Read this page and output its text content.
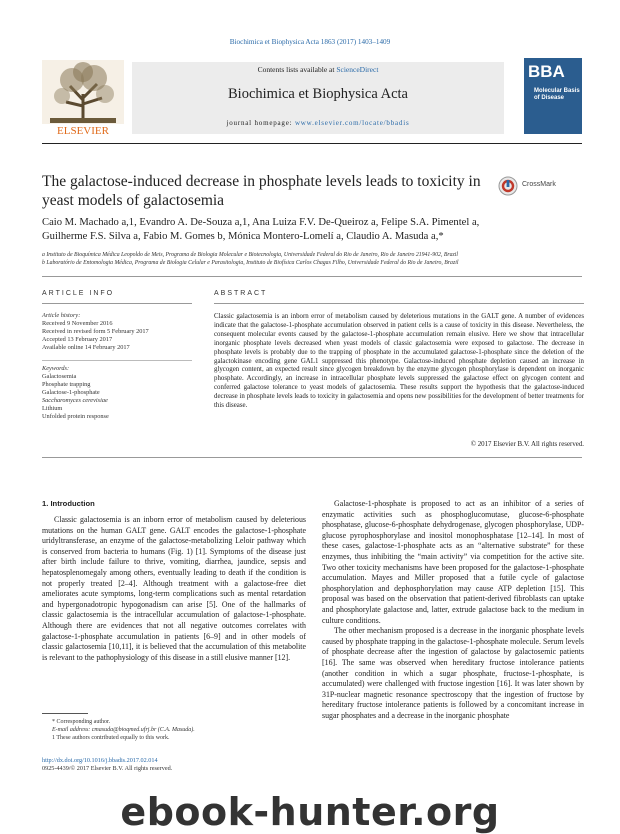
Biochimica et Biophysica Acta 1863 (2017) 1403–1409
ELSEVIER
Contents lists available at ScienceDirect
Biochimica et Biophysica Acta
journal homepage: www.elsevier.com/locate/bbadis
BBA
Molecular Basis of Disease
The galactose-induced decrease in phosphate levels leads to toxicity in yeast models of galactosemia
CrossMark
Caio M. Machado a,1, Evandro A. De-Souza a,1, Ana Luiza F.V. De-Queiroz a, Felipe S.A. Pimentel a,
Guilherme F.S. Silva a, Fabio M. Gomes b, Mónica Montero-Lomelí a, Claudio A. Masuda a,*
a Instituto de Bioquímica Médica Leopoldo de Meis, Programa de Biologia Molecular e Biotecnologia, Universidade Federal do Rio de Janeiro, Rio de Janeiro 21941-902, Brazil
b Laboratório de Entomologia Médica, Programa de Biologia Celular e Parasitologia, Instituto de Biofísica Carlos Chagas Filho, Universidade Federal do Rio de Janeiro, Brazil
ARTICLE INFO	ABSTRACT
Article history:
Received 9 November 2016
Received in revised form 5 February 2017
Accepted 13 February 2017
Available online 14 February 2017
Keywords:
Galactosemia
Phosphate trapping
Galactose-1-phosphate
Saccharomyces cerevisiae
Lithium
Unfolded protein response
Classic galactosemia is an inborn error of metabolism caused by deleterious mutations in the GALT gene. A number of evidences indicate that the galactose-1-phosphate accumulation observed in patient cells is a cause of toxicity in this disease. Nevertheless, the consequent molecular events caused by the galactose-1-phosphate accumulation remain elusive. Here we show that intracellular inorganic phosphate levels decreased when yeast models of classic galactosemia were exposed to galactose. The decrease in phosphate levels is probably due to the trapping of phosphate in the accumulated galactose-1-phosphate since the deletion of the galactokinase encoding gene GAL1 suppressed this phenotype. Galactose-induced phosphate depletion caused an increase in glycogen content, an expected result since glycogen breakdown by the enzyme glycogen phosphorylase is dependent on inorganic phosphate. Accordingly, an increase in intracellular phosphate levels suppressed the galactose effect on glycogen content and conferred galactose tolerance to yeast models of galactosemia. These results support the hypothesis that the galactose-induced decrease in phosphate levels leads to toxicity in galactosemia and opens new possibilities for the development of better treatments for this disease.
© 2017 Elsevier B.V. All rights reserved.
1. Introduction

Classic galactosemia is an inborn error of metabolism caused by deleterious mutations on the human GALT gene. GALT encodes the galactose-1-phosphate uridyltransferase, an enzyme of the galactose-metabolizing Leloir pathway which is conserved from bacteria to humans (Fig. 1) [1]. Symptoms of the disease just after birth include failure to thrive, vomiting, diarrhea, jaundice, sepsis and hepatosplenomegaly among others, eventually leading to death if the condition is not properly treated [2–4]. Although treatment with a galactose-free diet ameliorates acute symptoms, long-term complications such as mental retardation and hypergonadotropic hypogonadism can arise [5]. One of the hallmarks of classic galactosemia is the intracellular accumulation of galactose-1-phosphate. Although there are evidences that not all negative outcomes correlates with galactose-1-phosphate accumulation in patients [6–9] and in other models of classic galactosemia [10,11], it is believed that the accumulation of this metabolite is relevant to the pathophysiology of this disease in a still elusive manner [12].

Galactose-1-phosphate is proposed to act as an inhibitor of a series of enzymatic activities such as phosphoglucomutase, glucose-6-phosphate phosphatase, glucose-6-phosphate dehydrogenase, glycogen phosphorylase, UDP-glucose pyrophosphorylase and inositol monophosphatase [12–14]. In most of these cases, galactose-1-phosphate acts as an “alternative substrate” for these enzymes, thus inhibiting the “main activity” via competition for the active site. Two other toxicity mechanisms have been proposed for the galactose-1-phosphate accumulation. Mayes and Miller proposed that a futile cycle of galactose phosphorylation and dephosphorylation may cause ATP depletion [15]. This proposal was based on the observation that patient-derived fibroblasts can uptake and phosphorylate galactose and, latter, extrude galactose back to the medium in culture conditions.

The other mechanism proposed is a decrease in the inorganic phosphate levels caused by phosphate trapping in the galactose-1-phosphate molecule. Serum levels of phosphate decrease after the ingestion of galactose by galactosemic patients [16]. The same was observed when hereditary fructose intolerance patients (another condition in which a sugar phosphate, fructose-1-phosphate, is accumulated) were challenged with fructose ingestion [16]. It was later shown by 31P-nuclear magnetic resonance spectroscopy that the ingestion of fructose by hereditary fructose intolerance patients is followed by a concomitant increase in sugar phosphates and a decrease in the inorganic phosphate

* Corresponding author.
E-mail address: cmasuda@bioqmed.ufrj.br (C.A. Masuda).
1 These authors contributed equally to this work.
http://dx.doi.org/10.1016/j.bbadis.2017.02.014
0925-4439/© 2017 Elsevier B.V. All rights reserved.
ebook-hunter.org
